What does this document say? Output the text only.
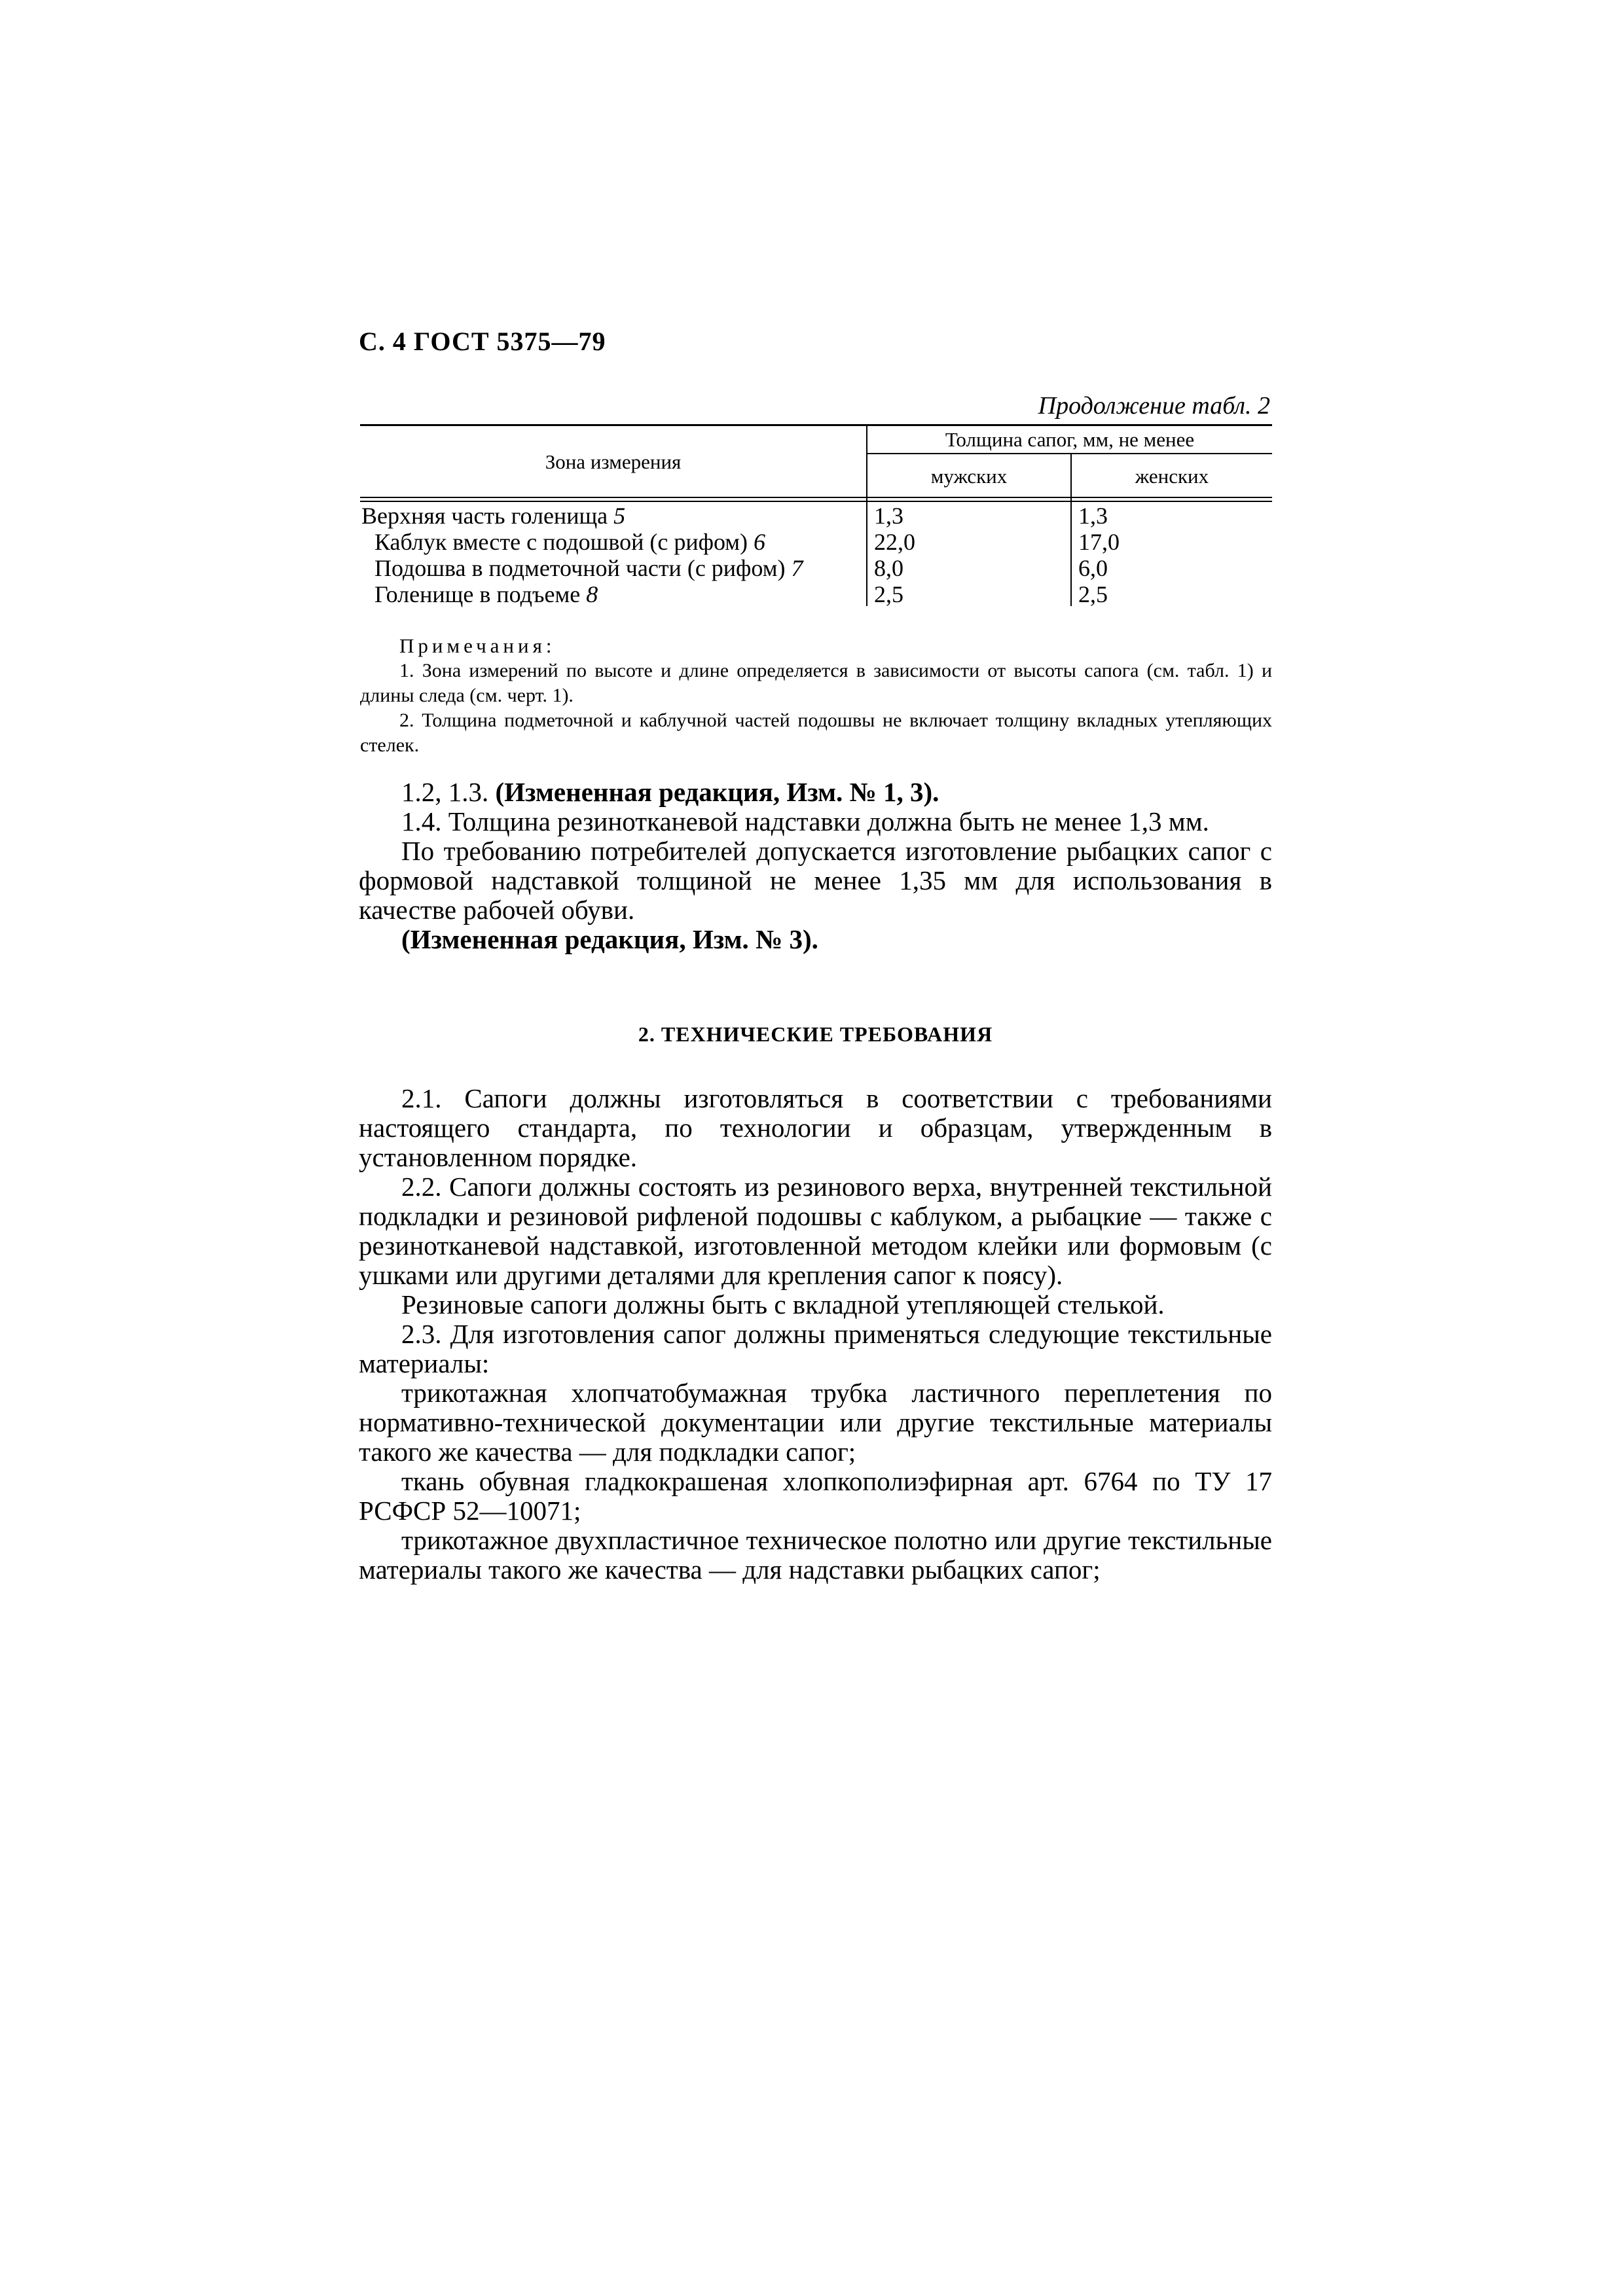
С. 4 ГОСТ 5375—79
Продолжение табл. 2
Зона измерения
Толщина сапог, мм, не менее
мужских	женских
Верхняя часть голенища 5	1,3	1,3
Каблук вместе с подошвой (с рифом) 6	22,0	17,0
Подошва в подметочной части (с рифом) 7	8,0	6,0
Голенище в подъеме 8	2,5	2,5
Примечания:

1. Зона измерений по высоте и длине определяется в зависимости от высоты сапога (см. табл. 1) и длины следа (см. черт. 1).

2. Толщина подметочной и каблучной частей подошвы не включает толщину вкладных утепляющих стелек.

1.2, 1.3. (Измененная редакция, Изм. № 1, 3).

1.4. Толщина резинотканевой надставки должна быть не менее 1,3 мм.

По требованию потребителей допускается изготовление рыбацких сапог с формовой надставкой толщиной не менее 1,35 мм для использования в качестве рабочей обуви.

(Измененная редакция, Изм. № 3).

2. ТЕХНИЧЕСКИЕ ТРЕБОВАНИЯ

2.1. Сапоги должны изготовляться в соответствии с требованиями настоящего стандарта, по технологии и образцам, утвержденным в установленном порядке.

2.2. Сапоги должны состоять из резинового верха, внутренней текстильной подкладки и резиновой рифленой подошвы с каблуком, а рыбацкие — также с резинотканевой надставкой, изготовленной методом клейки или формовым (с ушками или другими деталями для крепления сапог к поясу).

Резиновые сапоги должны быть с вкладной утепляющей стелькой.

2.3. Для изготовления сапог должны применяться следующие текстильные материалы:

трикотажная хлопчатобумажная трубка ластичного переплетения по нормативно-технической документации или другие текстильные материалы такого же качества — для подкладки сапог;

ткань обувная гладкокрашеная хлопкополиэфирная арт. 6764 по ТУ 17 РСФСР 52—10071;

трикотажное двухпластичное техническое полотно или другие текстильные материалы такого же качества — для надставки рыбацких сапог;
